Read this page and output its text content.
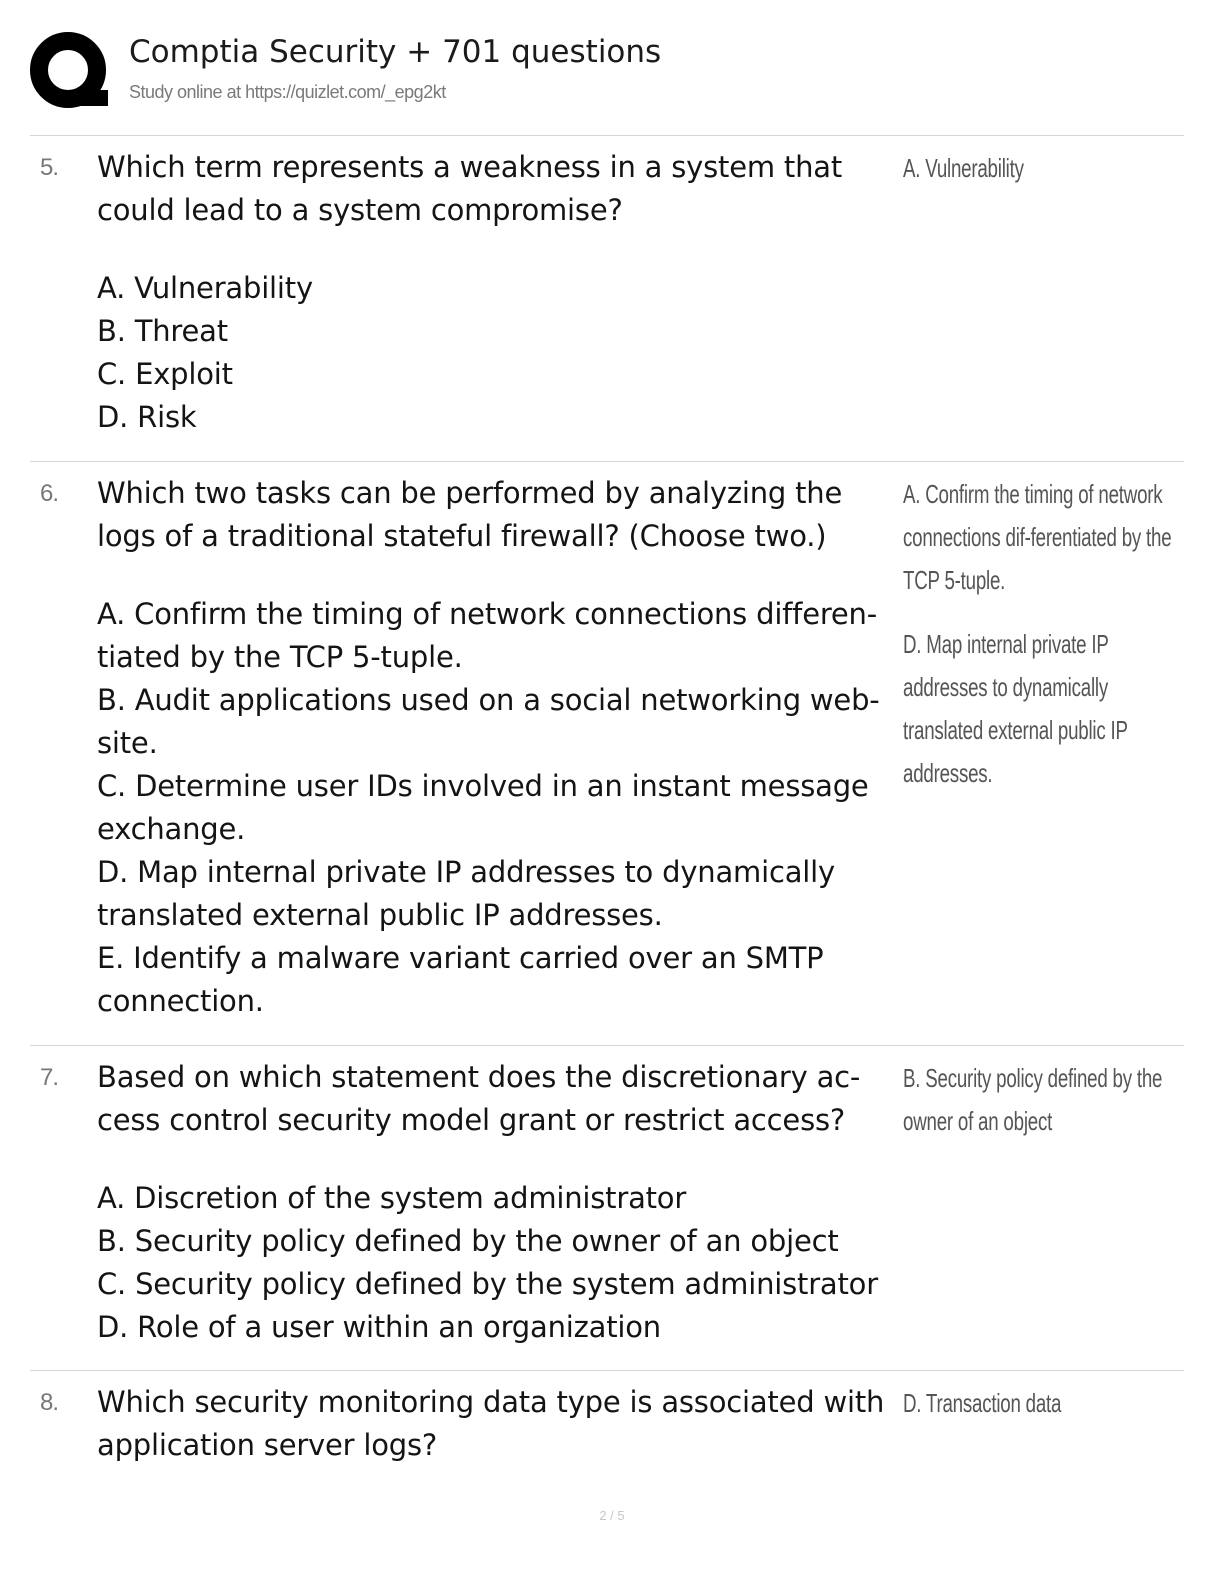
Comptia Security + 701 questions
Study online at https://quizlet.com/_epg2kt
5. Which term represents a weakness in a system that could lead to a system compromise?

A. Vulnerability
B. Threat
C. Exploit
D. Risk

A. Vulnerability

6. Which two tasks can be performed by analyzing the logs of a traditional stateful firewall? (Choose two.)

A. Confirm the timing of network connections differen-tiated by the TCP 5-tuple.
B. Audit applications used on a social networking web-site.
C. Determine user IDs involved in an instant message exchange.
D. Map internal private IP addresses to dynamically translated external public IP addresses.
E. Identify a malware variant carried over an SMTP connection.

A. Confirm the timing of network connections dif-ferentiated by the TCP 5-tuple.

D. Map internal private IP addresses to dynamically translated external public IP addresses.

7. Based on which statement does the discretionary ac-cess control security model grant or restrict access?

A. Discretion of the system administrator
B. Security policy defined by the owner of an object
C. Security policy defined by the system administrator
D. Role of a user within an organization

B. Security policy defined by the owner of an object

8. Which security monitoring data type is associated with application server logs?

D. Transaction data

2 / 5
